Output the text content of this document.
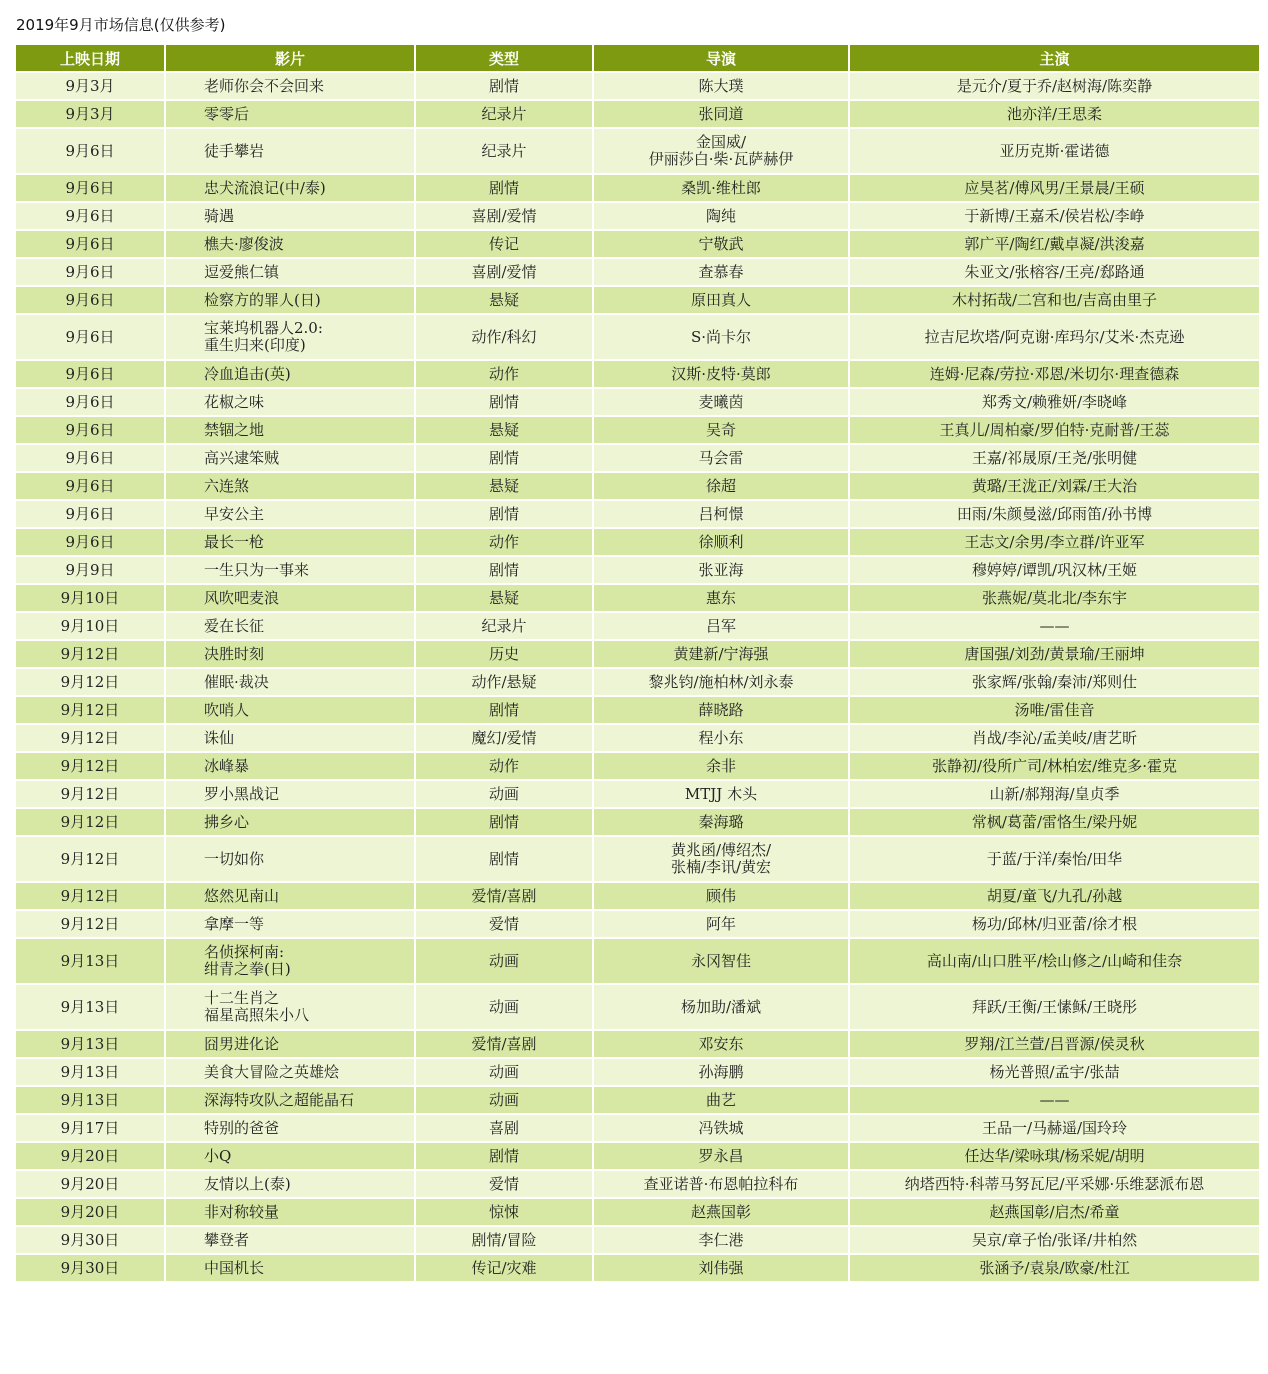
2019年9月市场信息(仅供参考)
上映日期	影片	类型	导演	主演
9月3月	老师你会不会回来	剧情	陈大璞	是元介/夏于乔/赵树海/陈奕静
9月3月	零零后	纪录片	张同道	池亦洋/王思柔
9月6日	徒手攀岩	纪录片	金国威/
伊丽莎白·柴·瓦萨赫伊	亚历克斯·霍诺德
9月6日	忠犬流浪记(中/泰)	剧情	桑凯·维杜郎	应昊茗/傅风男/王景晨/王硕
9月6日	骑遇	喜剧/爱情	陶纯	于新博/王嘉禾/侯岩松/李峥
9月6日	樵夫·廖俊波	传记	宁敬武	郭广平/陶红/戴卓凝/洪浚嘉
9月6日	逗爱熊仁镇	喜剧/爱情	查慕春	朱亚文/张榕容/王亮/郄路通
9月6日	检察方的罪人(日)	悬疑	原田真人	木村拓哉/二宫和也/吉高由里子
9月6日	宝莱坞机器人2.0:
重生归来(印度)	动作/科幻	S·尚卡尔	拉吉尼坎塔/阿克谢·库玛尔/艾米·杰克逊
9月6日	冷血追击(英)	动作	汉斯·皮特·莫郎	连姆·尼森/劳拉·邓恩/米切尔·理查德森
9月6日	花椒之味	剧情	麦曦茵	郑秀文/赖雅妍/李晓峰
9月6日	禁锢之地	悬疑	吴奇	王真儿/周柏豪/罗伯特·克耐普/王蕊
9月6日	高兴逮笨贼	剧情	马会雷	王嘉/祁晟原/王尧/张明健
9月6日	六连煞	悬疑	徐超	黄璐/王泷正/刘霖/王大治
9月6日	早安公主	剧情	吕柯憬	田雨/朱颜曼滋/邱雨笛/孙书博
9月6日	最长一枪	动作	徐顺利	王志文/余男/李立群/许亚军
9月9日	一生只为一事来	剧情	张亚海	穆婷婷/谭凯/巩汉林/王姬
9月10日	风吹吧麦浪	悬疑	惠东	张燕妮/莫北北/李东宇
9月10日	爱在长征	纪录片	吕军	——
9月12日	决胜时刻	历史	黄建新/宁海强	唐国强/刘劲/黄景瑜/王丽坤
9月12日	催眠·裁决	动作/悬疑	黎兆钧/施柏林/刘永泰	张家辉/张翰/秦沛/郑则仕
9月12日	吹哨人	剧情	薛晓路	汤唯/雷佳音
9月12日	诛仙	魔幻/爱情	程小东	肖战/李沁/孟美岐/唐艺昕
9月12日	冰峰暴	动作	余非	张静初/役所广司/林柏宏/维克多·霍克
9月12日	罗小黑战记	动画	MTJJ 木头	山新/郝翔海/皇贞季
9月12日	拂乡心	剧情	秦海璐	常枫/葛蕾/雷恪生/梁丹妮
9月12日	一切如你	剧情	黄兆函/傅绍杰/
张楠/李讯/黄宏	于蓝/于洋/秦怡/田华
9月12日	悠然见南山	爱情/喜剧	顾伟	胡夏/童飞/九孔/孙越
9月12日	拿摩一等	爱情	阿年	杨功/邱林/归亚蕾/徐才根
9月13日	名侦探柯南:
绀青之拳(日)	动画	永冈智佳	高山南/山口胜平/桧山修之/山崎和佳奈
9月13日	十二生肖之
福星高照朱小八	动画	杨加助/潘斌	拜跃/王衡/王愫稣/王晓彤
9月13日	囧男进化论	爱情/喜剧	邓安东	罗翔/江兰萱/吕晋源/侯灵秋
9月13日	美食大冒险之英雄烩	动画	孙海鹏	杨光普照/孟宇/张喆
9月13日	深海特攻队之超能晶石	动画	曲艺	——
9月17日	特别的爸爸	喜剧	冯铁城	王品一/马赫遥/国玲玲
9月20日	小Q	剧情	罗永昌	任达华/梁咏琪/杨采妮/胡明
9月20日	友情以上(泰)	爱情	查亚诺普·布恩帕拉科布	纳塔西特·科蒂马努瓦尼/平采娜·乐维瑟派布恩
9月20日	非对称较量	惊悚	赵燕国彰	赵燕国彰/启杰/希童
9月30日	攀登者	剧情/冒险	李仁港	吴京/章子怡/张译/井柏然
9月30日	中国机长	传记/灾难	刘伟强	张涵予/袁泉/欧豪/杜江
